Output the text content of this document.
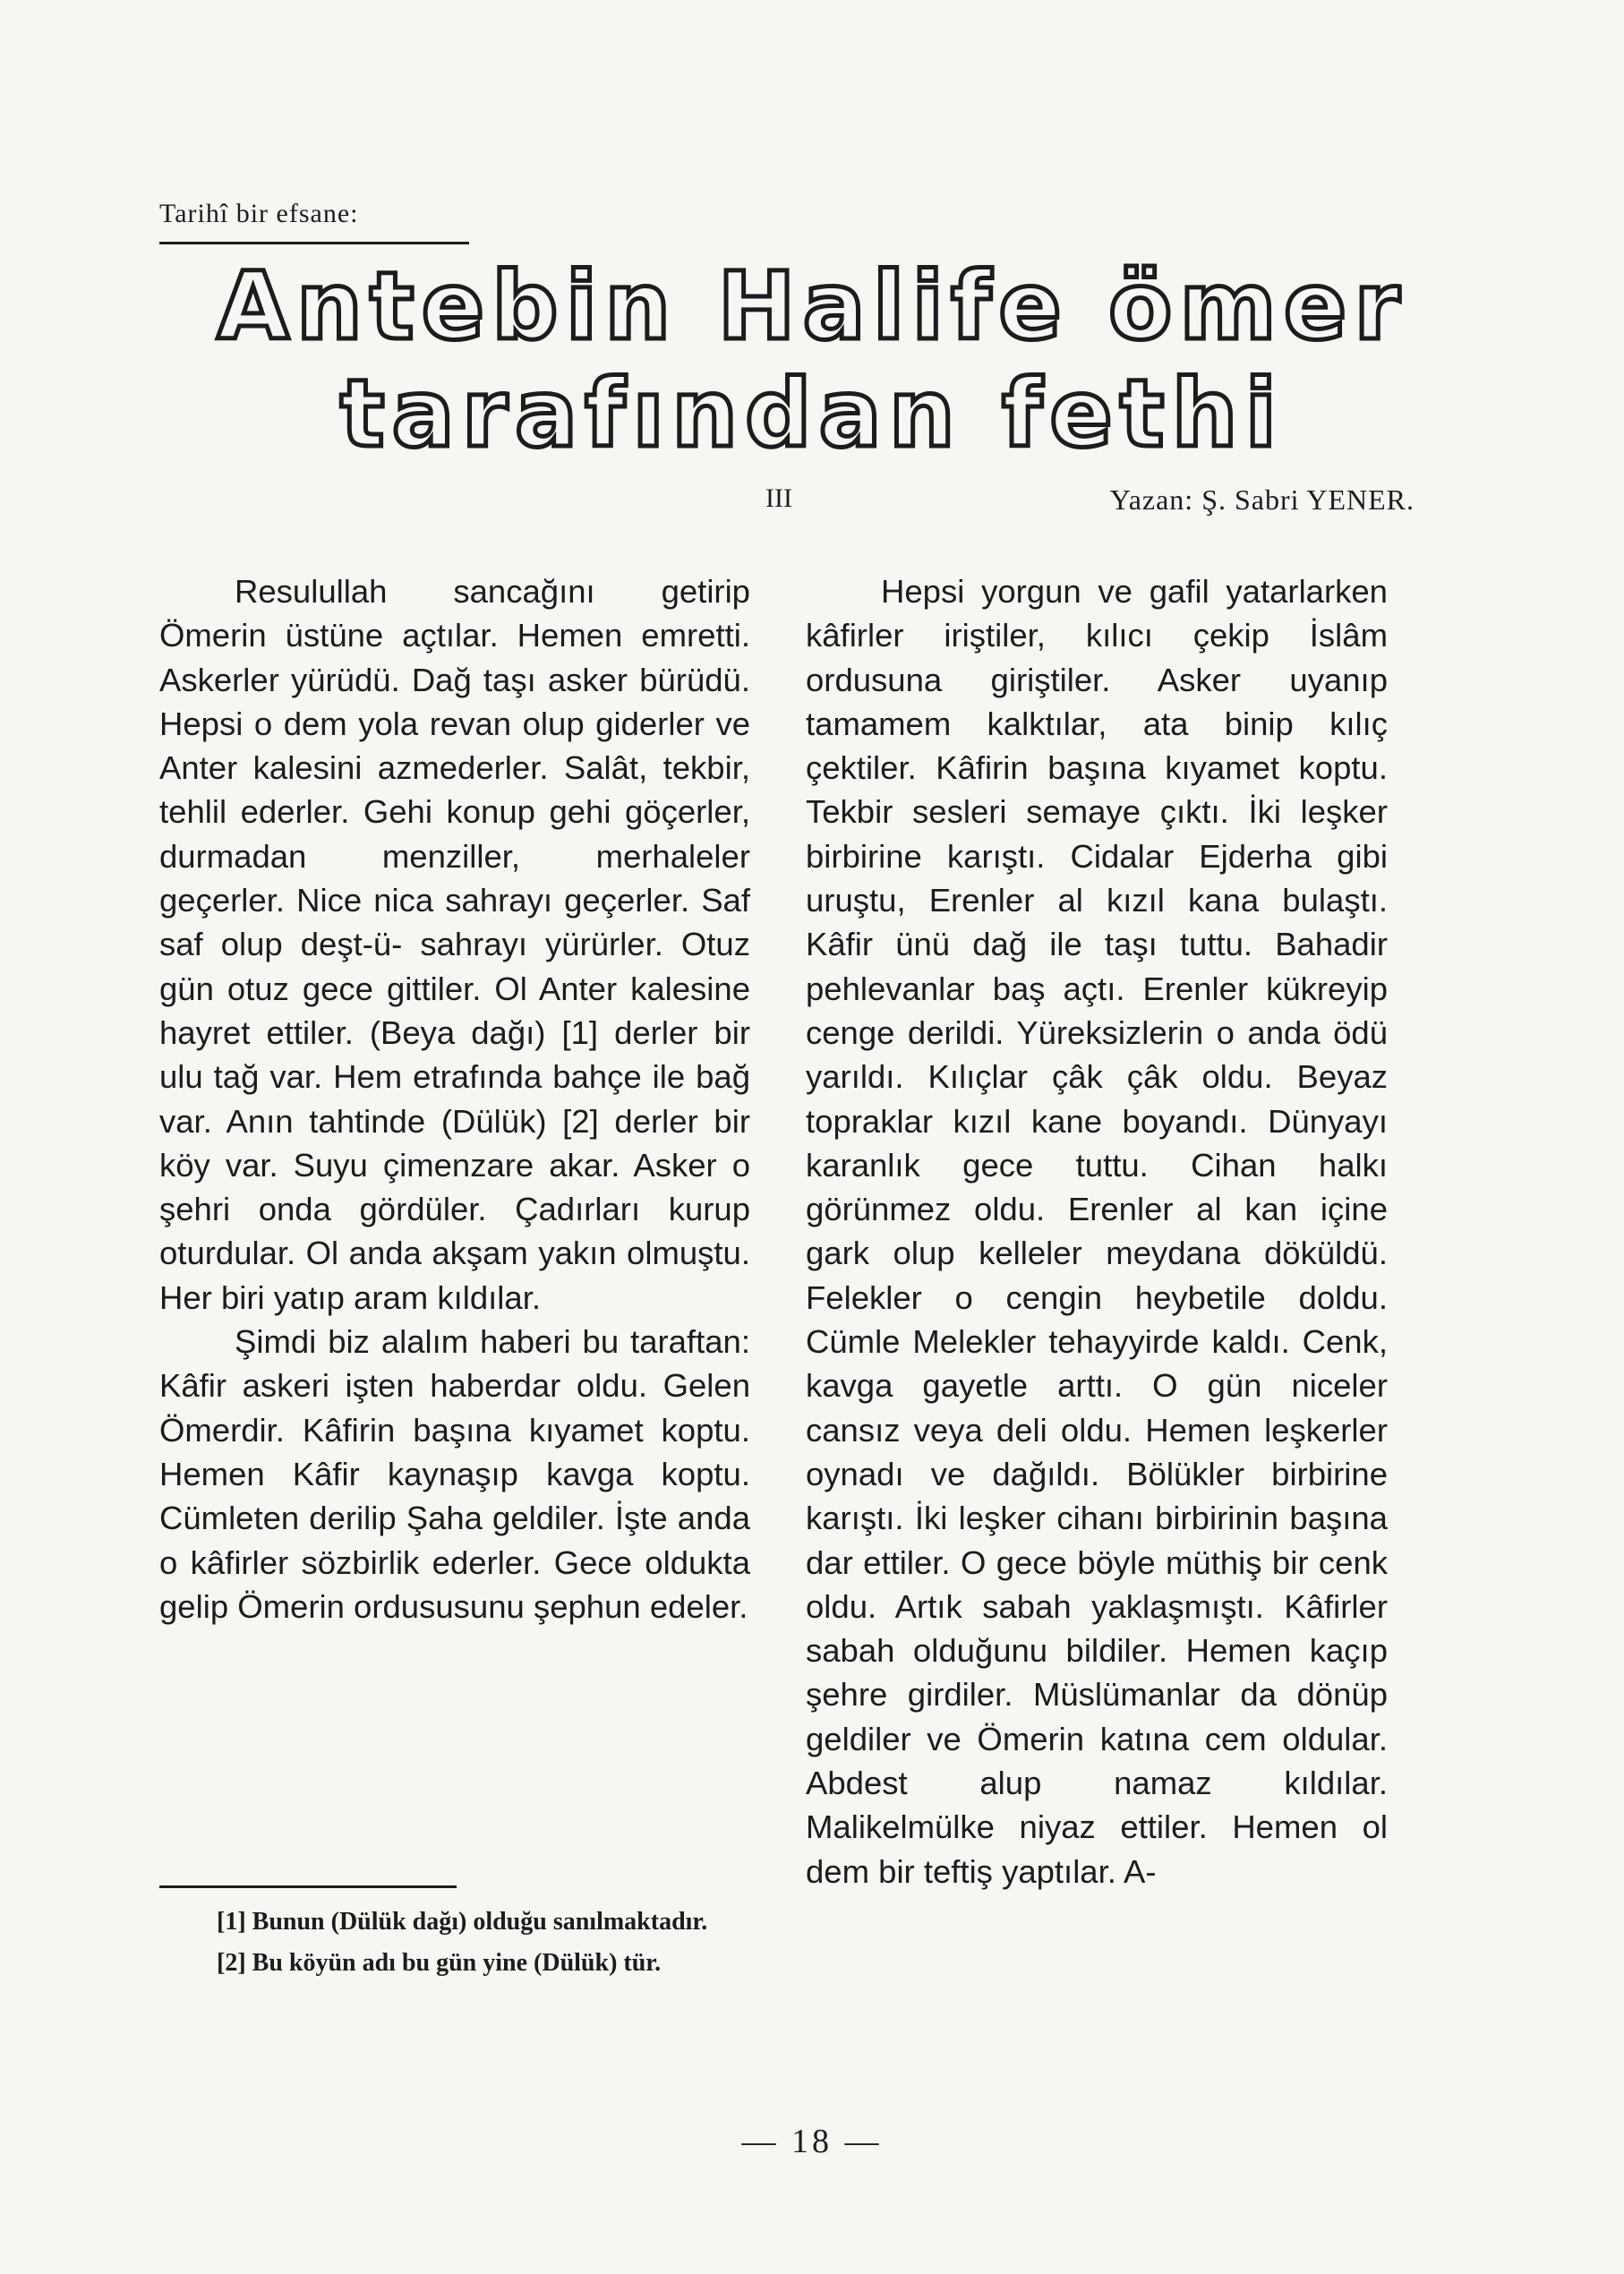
Tarihî bir efsane:
Antebin Halife ömer
tarafından fethi
III	Yazan: Ş. Sabri YENER.

Resulullah sancağını getirip Ömerin üstüne açtılar. Hemen emretti. Askerler yürüdü. Dağ taşı asker bürüdü. Hepsi o dem yola revan olup giderler ve Anter kalesini azmederler. Salât, tekbir, tehlil ederler. Gehi konup gehi göçerler, durmadan menziller, merhaleler geçerler. Nice nica sahrayı geçerler. Saf saf olup deşt-ü- sahrayı yürürler. Otuz gün otuz gece gittiler. Ol Anter kalesine hayret ettiler. (Beya dağı) [1] derler bir ulu tağ var. Hem etrafında bahçe ile bağ var. Anın tahtinde (Dülük) [2] derler bir köy var. Suyu çimenzare akar. Asker o şehri onda gördüler. Çadırları kurup oturdular. Ol anda akşam yakın olmuştu. Her biri yatıp aram kıldılar.

Şimdi biz alalım haberi bu taraftan: Kâfir askeri işten haberdar oldu. Gelen Ömerdir. Kâfirin başına kıyamet koptu. Hemen Kâfir kaynaşıp kavga koptu. Cümleten derilip Şaha geldiler. İşte anda o kâfirler sözbirlik ederler. Gece oldukta gelip Ömerin ordususunu şephun edeler.

Hepsi yorgun ve gafil yatarlarken kâfirler iriştiler, kılıcı çekip İslâm ordusuna giriştiler. Asker uyanıp tamamem kalktılar, ata binip kılıç çektiler. Kâfirin başına kıyamet koptu. Tekbir sesleri semaye çıktı. İki leşker birbirine karıştı. Cidalar Ejderha gibi uruştu, Erenler al kızıl kana bulaştı. Kâfir ünü dağ ile taşı tuttu. Bahadir pehlevanlar baş açtı. Erenler kükreyip cenge derildi. Yüreksizlerin o anda ödü yarıldı. Kılıçlar çâk çâk oldu. Beyaz topraklar kızıl kane boyandı. Dünyayı karanlık gece tuttu. Cihan halkı görünmez oldu. Erenler al kan içine gark olup kelleler meydana döküldü. Felekler o cengin heybetile doldu. Cümle Melekler tehayyirde kaldı. Cenk, kavga gayetle arttı. O gün niceler cansız veya deli oldu. Hemen leşkerler oynadı ve dağıldı. Bölükler birbirine karıştı. İki leşker cihanı birbirinin başına dar ettiler. O gece böyle müthiş bir cenk oldu. Artık sabah yaklaşmıştı. Kâfirler sabah olduğunu bildiler. Hemen kaçıp şehre girdiler. Müslümanlar da dönüp geldiler ve Ömerin katına cem oldular. Abdest alup namaz kıldılar. Malikelmülke niyaz ettiler. Hemen ol dem bir teftiş yaptılar. A-

[1] Bunun (Dülük dağı) olduğu sanılmaktadır.

[2] Bu köyün adı bu gün yine (Dülük) tür.

— 18 —
